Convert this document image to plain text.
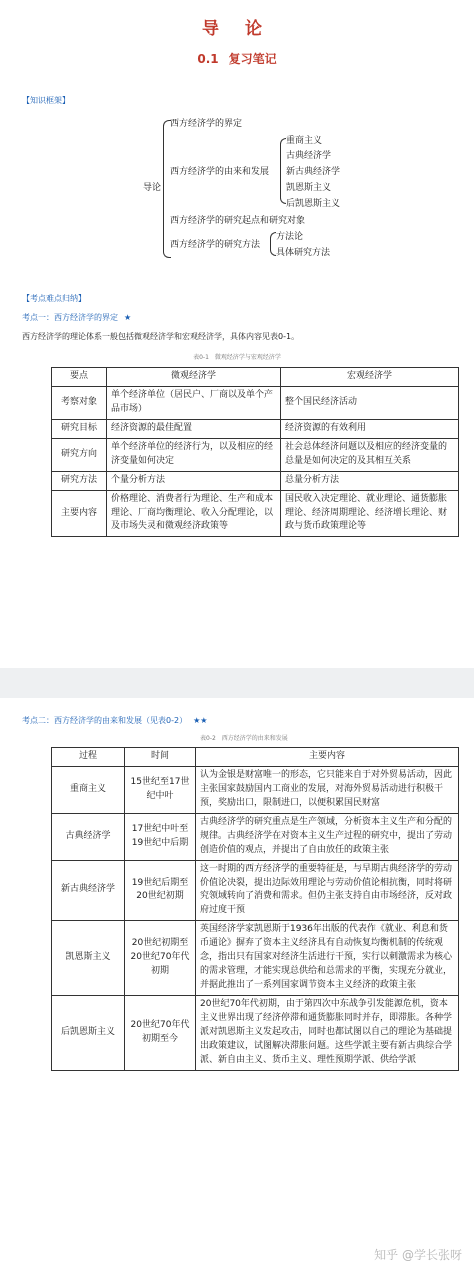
导 论
0.1 复习笔记
【知识框架】
导论
西方经济学的界定
西方经济学的由来和发展
西方经济学的研究起点和研究对象
西方经济学的研究方法
重商主义
古典经济学
新古典经济学
凯恩斯主义
后凯恩斯主义
方法论
具体研究方法
【考点难点归纳】
考点一：西方经济学的界定 ★
西方经济学的理论体系一般包括微观经济学和宏观经济学，具体内容见表0-1。
表0-1　微观经济学与宏观经济学
要点	微观经济学	宏观经济学
考察对象	单个经济单位（居民户、厂商以及单个产品市场）	整个国民经济活动
研究目标	经济资源的最佳配置	经济资源的有效利用
研究方向	单个经济单位的经济行为，以及相应的经济变量如何决定	社会总体经济问题以及相应的经济变量的总量是如何决定的及其相互关系
研究方法	个量分析方法	总量分析方法
主要内容	价格理论、消费者行为理论、生产和成本理论、厂商均衡理论、收入分配理论，以及市场失灵和微观经济政策等	国民收入决定理论、就业理论、通货膨胀理论、经济周期理论、经济增长理论、财政与货币政策理论等
考点二：西方经济学的由来和发展（见表0-2） ★★
表0-2　西方经济学的由来和发展
过程	时间	主要内容
重商主义	15世纪至17世纪中叶	认为金银是财富唯一的形态，它只能来自于对外贸易活动，因此主张国家鼓励国内工商业的发展，对海外贸易活动进行积极干预，奖励出口，限制进口，以便积累国民财富
古典经济学	17世纪中叶至19世纪中后期	古典经济学的研究重点是生产领域，分析资本主义生产和分配的规律。古典经济学在对资本主义生产过程的研究中，提出了劳动创造价值的观点，并提出了自由放任的政策主张
新古典经济学	19世纪后期至20世纪初期	这一时期的西方经济学的重要特征是，与早期古典经济学的劳动价值论决裂，提出边际效用理论与劳动价值论相抗衡，同时将研究领域转向了消费和需求。但仍主张支持自由市场经济，反对政府过度干预
凯恩斯主义	20世纪初期至20世纪70年代初期	英国经济学家凯恩斯于1936年出版的代表作《就业、利息和货币通论》摒弃了资本主义经济具有自动恢复均衡机制的传统观念，指出只有国家对经济生活进行干预，实行以刺激需求为核心的需求管理，才能实现总供给和总需求的平衡，实现充分就业，并据此推出了一系列国家调节资本主义经济的政策主张
后凯恩斯主义	20世纪70年代初期至今	20世纪70年代初期，由于第四次中东战争引发能源危机，资本主义世界出现了经济停滞和通货膨胀同时并存，即滞胀。各种学派对凯恩斯主义发起攻击，同时也都试图以自己的理论为基础提出政策建议，试图解决滞胀问题。这些学派主要有新古典综合学派、新自由主义、货币主义、理性预期学派、供给学派
知乎 @学长张呀
